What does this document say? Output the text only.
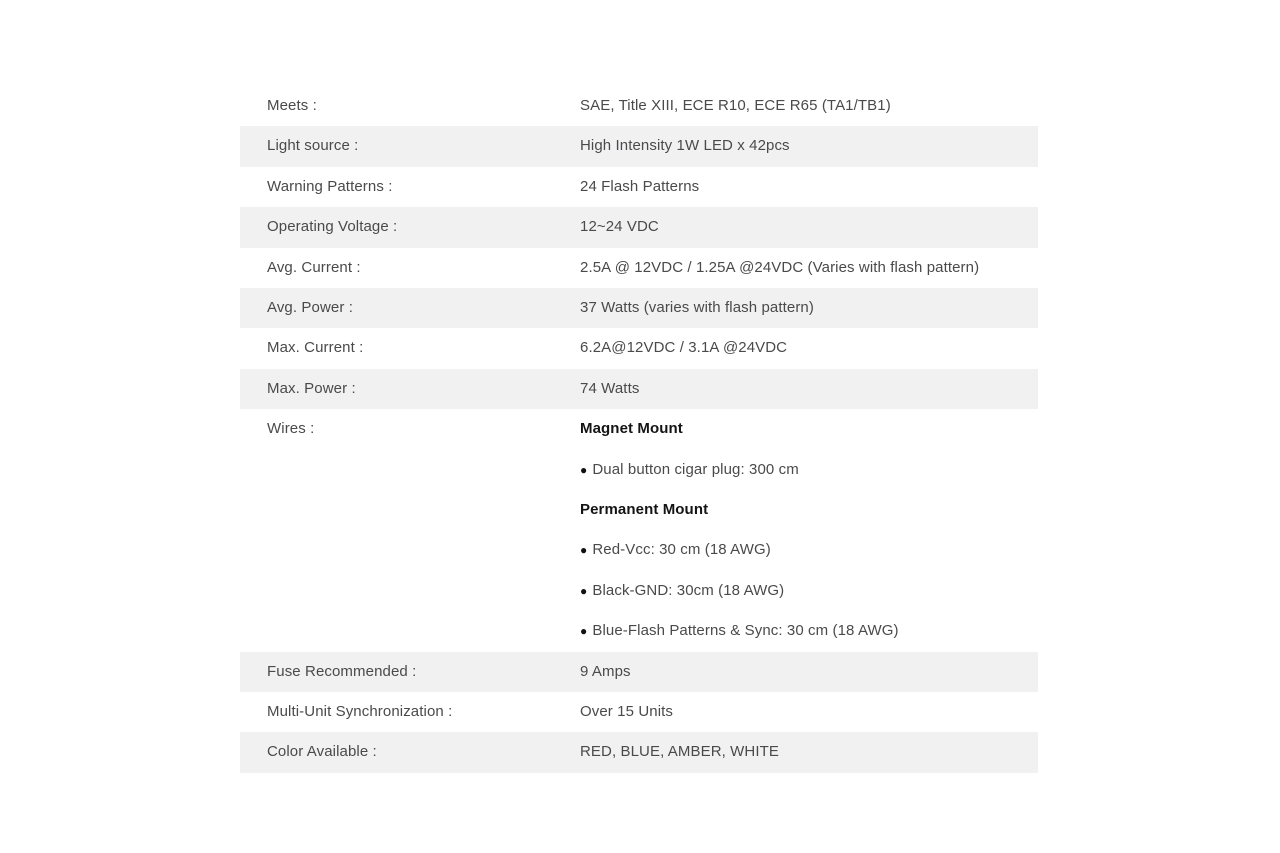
Meets :	SAE, Title XIII, ECE R10, ECE R65 (TA1/TB1)
Light source :	High Intensity 1W LED x 42pcs
Warning Patterns :	24 Flash Patterns
Operating Voltage :	12~24 VDC
Avg. Current :	2.5A @ 12VDC / 1.25A @24VDC (Varies with flash pattern)
Avg. Power :	37 Watts (varies with flash pattern)
Max. Current :	6.2A@12VDC / 3.1A @24VDC
Max. Power :	74 Watts
Wires :	Magnet Mount
● Dual button cigar plug: 300 cm
Permanent Mount
● Red-Vcc: 30 cm (18 AWG)
● Black-GND: 30cm (18 AWG)
● Blue-Flash Patterns & Sync: 30 cm (18 AWG)
Fuse Recommended :	9 Amps
Multi-Unit Synchronization :	Over 15 Units
Color Available :	RED, BLUE, AMBER, WHITE
